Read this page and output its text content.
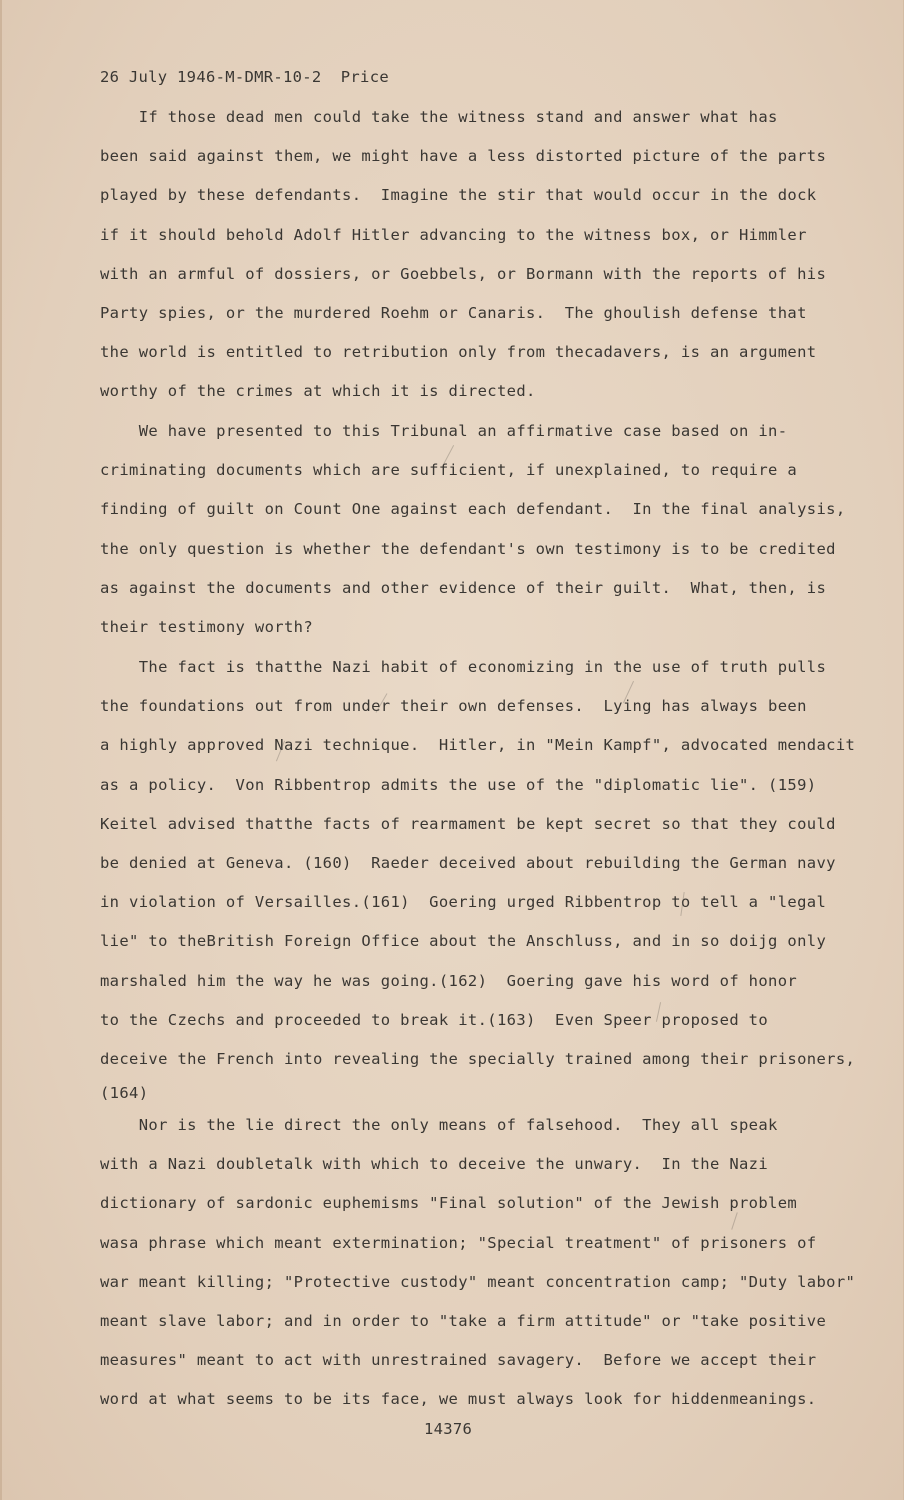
26 July 1946-M-DMR-10-2  Price
If those dead men could take the witness stand and answer what has
been said against them, we might have a less distorted picture of the parts
played by these defendants.  Imagine the stir that would occur in the dock
if it should behold Adolf Hitler advancing to the witness box, or Himmler
with an armful of dossiers, or Goebbels, or Bormann with the reports of his
Party spies, or the murdered Roehm or Canaris.  The ghoulish defense that
the world is entitled to retribution only from thecadavers, is an argument
worthy of the crimes at which it is directed.
We have presented to this Tribunal an affirmative case based on in-
criminating documents which are sufficient, if unexplained, to require a
finding of guilt on Count One against each defendant.  In the final analysis,
the only question is whether the defendant's own testimony is to be credited
as against the documents and other evidence of their guilt.  What, then, is
their testimony worth?
The fact is thatthe Nazi habit of economizing in the use of truth pulls
the foundations out from under their own defenses.  Lying has always been
a highly approved Nazi technique.  Hitler, in "Mein Kampf", advocated mendacit
as a policy.  Von Ribbentrop admits the use of the "diplomatic lie". (159)
Keitel advised thatthe facts of rearmament be kept secret so that they could
be denied at Geneva. (160)  Raeder deceived about rebuilding the German navy
in violation of Versailles.(161)  Goering urged Ribbentrop to tell a "legal
lie" to theBritish Foreign Office about the Anschluss, and in so doijg only
marshaled him the way he was going.(162)  Goering gave his word of honor
to the Czechs and proceeded to break it.(163)  Even Speer proposed to
deceive the French into revealing the specially trained among their prisoners,
(164)
Nor is the lie direct the only means of falsehood.  They all speak
with a Nazi doubletalk with which to deceive the unwary.  In the Nazi
dictionary of sardonic euphemisms "Final solution" of the Jewish problem
wasa phrase which meant extermination; "Special treatment" of prisoners of
war meant killing; "Protective custody" meant concentration camp; "Duty labor"
meant slave labor; and in order to "take a firm attitude" or "take positive
measures" meant to act with unrestrained savagery.  Before we accept their
word at what seems to be its face, we must always look for hiddenmeanings.
14376
